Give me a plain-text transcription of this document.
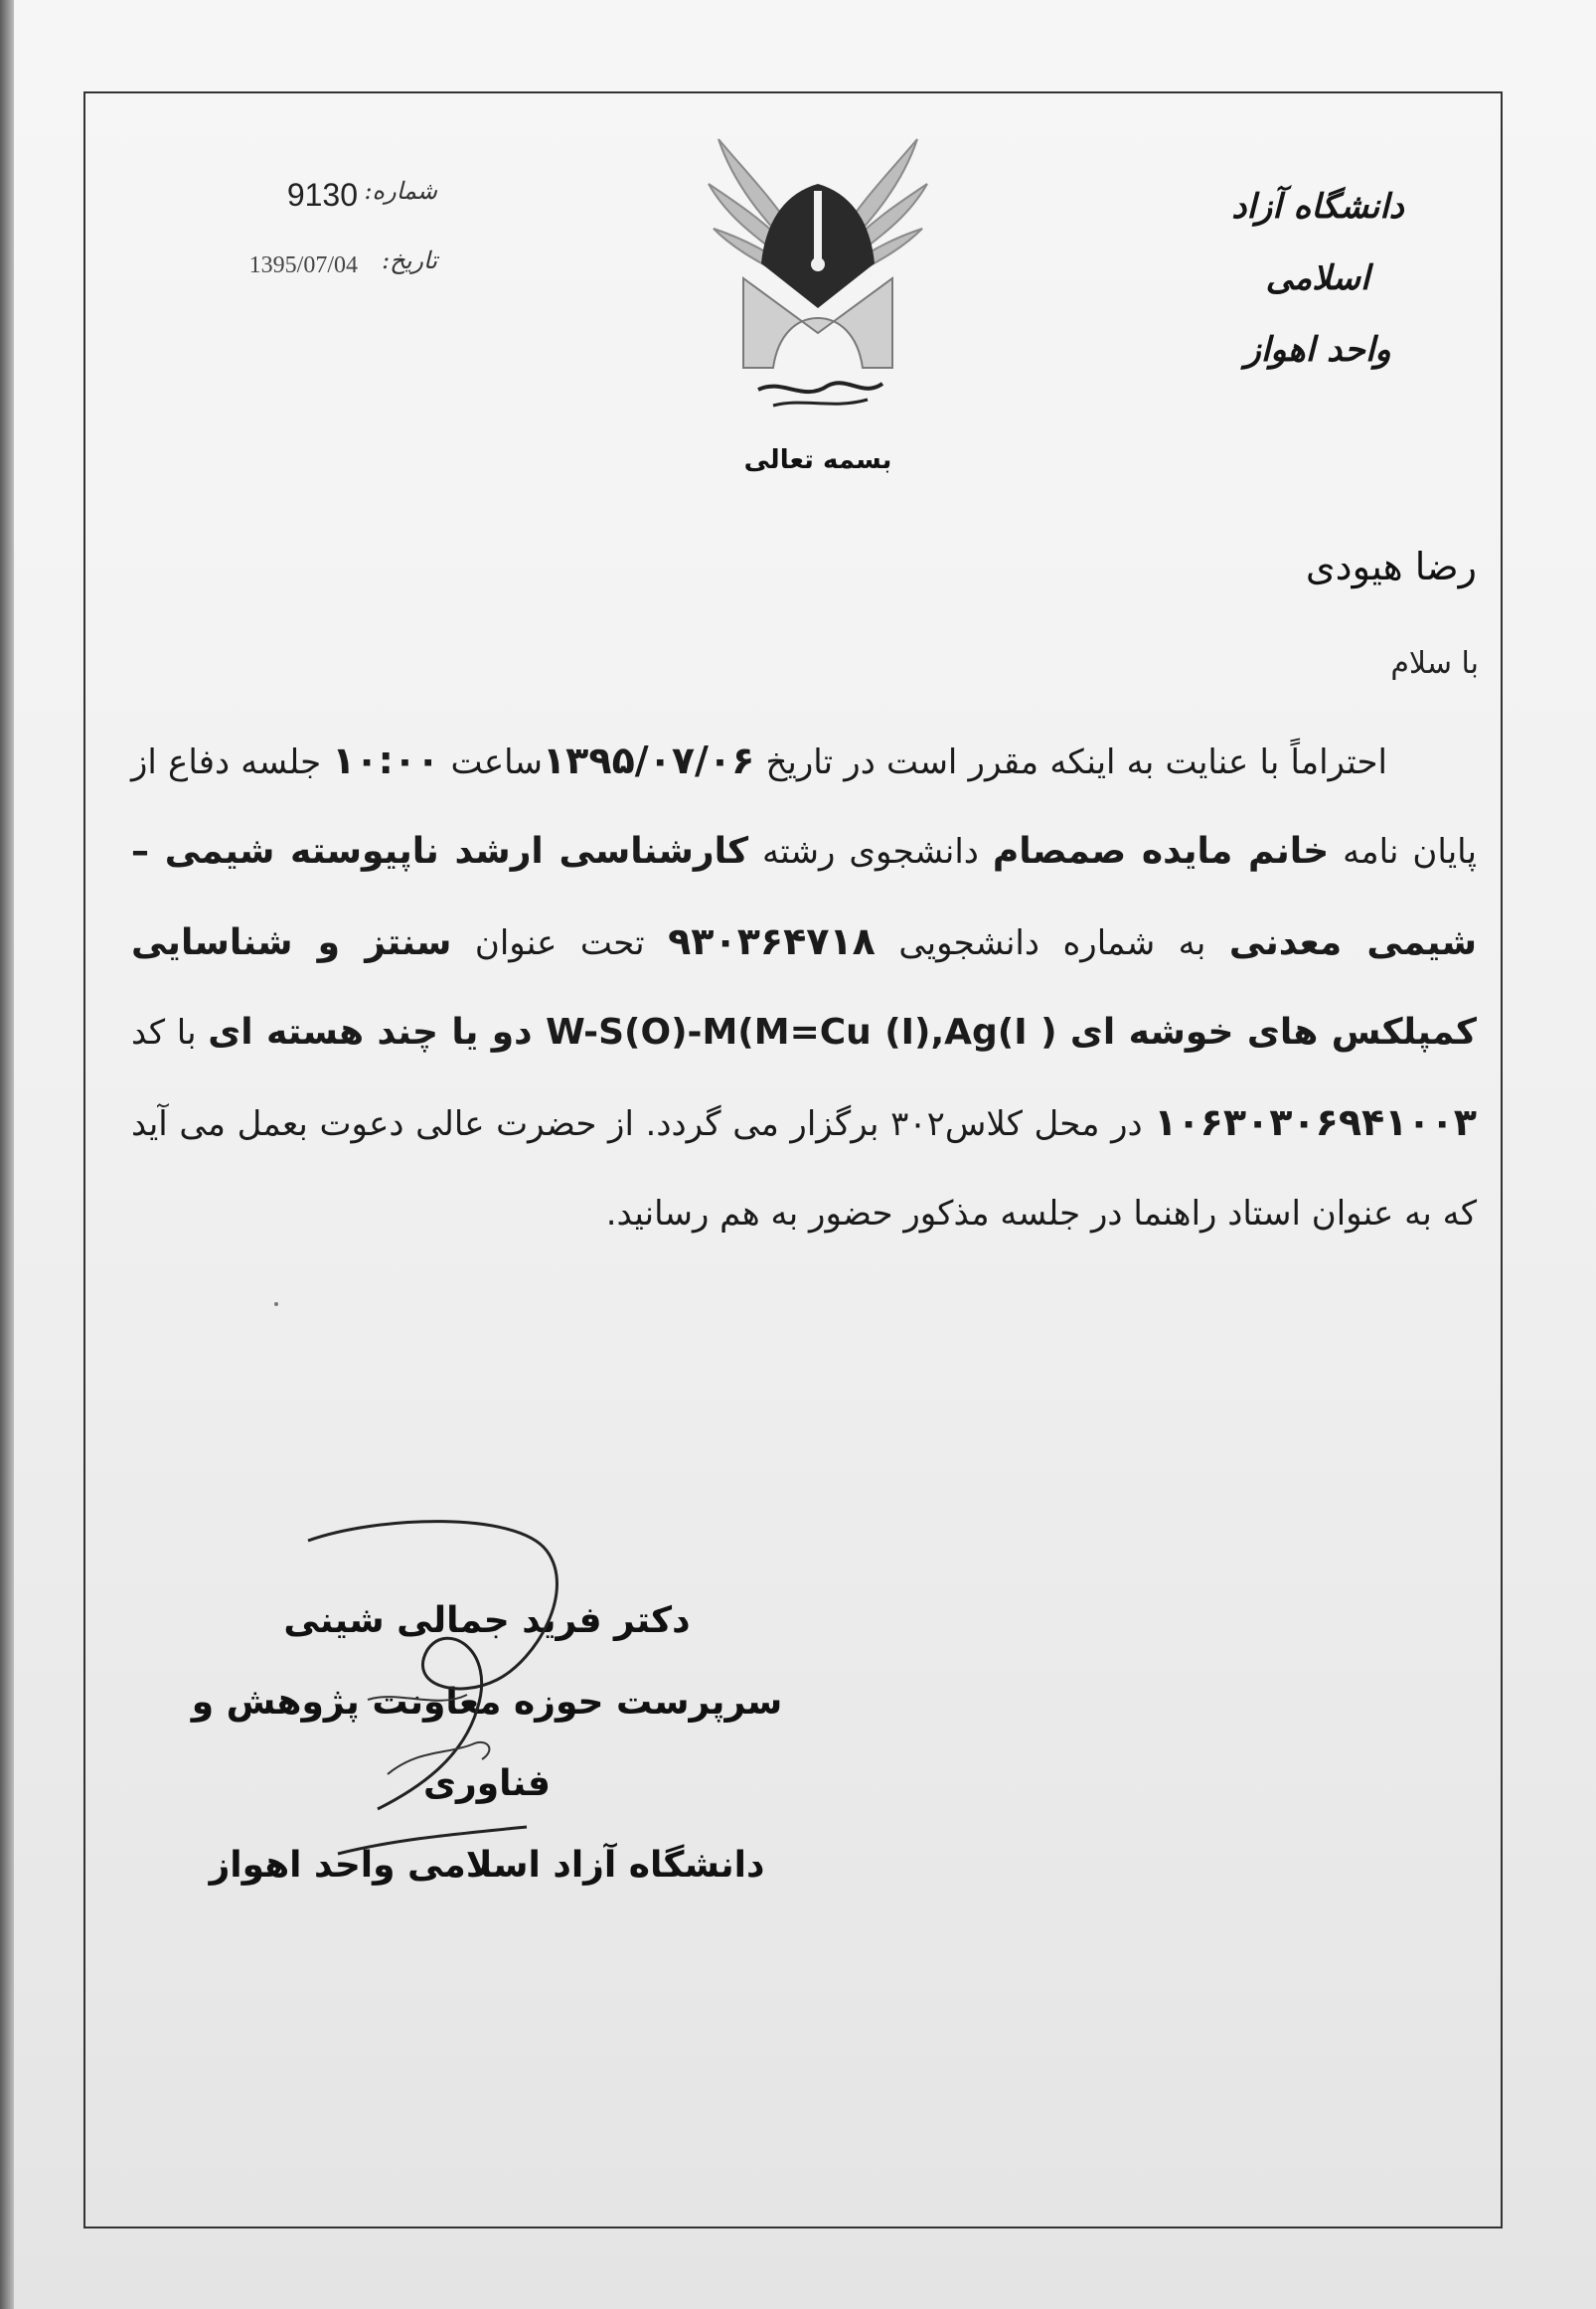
دانشگاه آزاد اسلامی
واحد اهواز
بسمه تعالی
شماره:
9130
تاریخ:
1395/07/04
رضا هیودی
با سلام
احتراماً با عنایت به اینکه مقرر است در تاریخ ۱۳۹۵/۰۷/۰۶ساعت ۱۰:۰۰ جلسه دفاع از پایان نامه خانم مایده صمصام دانشجوی رشته کارشناسی ارشد ناپیوسته شیمی – شیمی معدنی به شماره دانشجویی ۹۳۰۳۶۴۷۱۸ تحت عنوان سنتز و شناسایی کمپلکس های خوشه ای ( W-S(O)-M(M=Cu (I),Ag(I دو یا چند هسته ای با کد ۱۰۶۳۰۳۰۶۹۴۱۰۰۳ در محل کلاس۳۰۲ برگزار می گردد. از حضرت عالی دعوت بعمل می آید که به عنوان استاد راهنما در جلسه مذکور حضور به هم رسانید.
دکتر فرید جمالی شینی
سرپرست حوزه معاونت پژوهش و فناوری
دانشگاه آزاد اسلامی واحد اهواز
